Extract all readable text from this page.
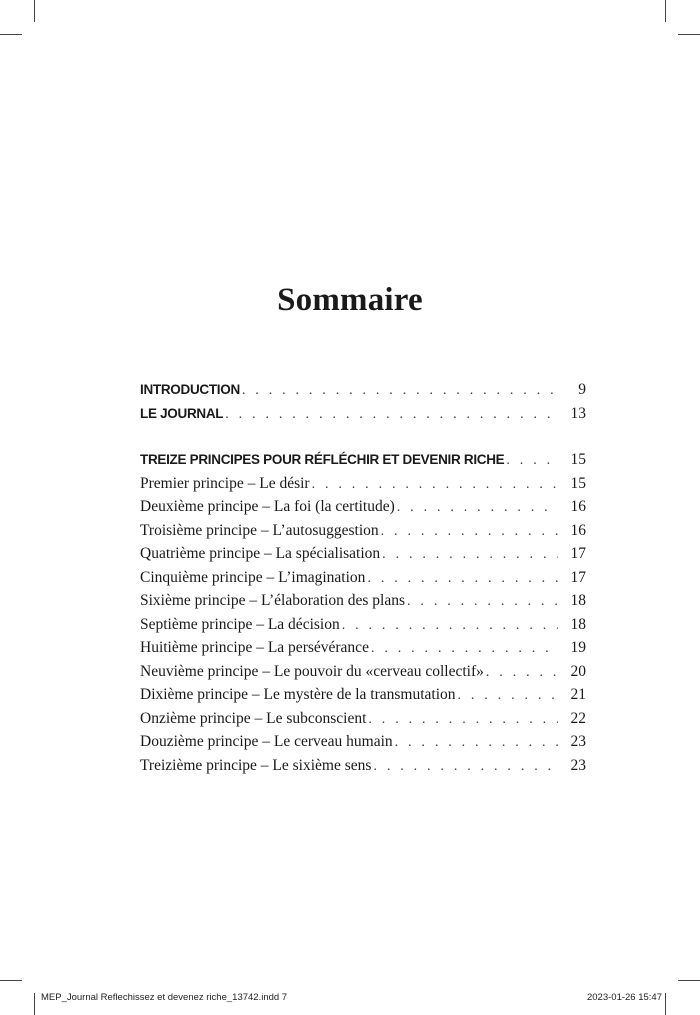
Sommaire
INTRODUCTION . . .	9
LE JOURNAL . . .	13
TREIZE PRINCIPES POUR RÉFLÉCHIR ET DEVENIR RICHE . . .	15
Premier principe – Le désir . . .	15
Deuxième principe – La foi (la certitude) . . .	16
Troisième principe – L’autosuggestion . . .	16
Quatrième principe – La spécialisation . . .	17
Cinquième principe – L’imagination . . .	17
Sixième principe – L’élaboration des plans . . .	18
Septième principe – La décision . . .	18
Huitième principe – La persévérance . . .	19
Neuvième principe – Le pouvoir du «cerveau collectif» . . .	20
Dixième principe – Le mystère de la transmutation . . .	21
Onzième principe – Le subconscient . . .	22
Douzième principe – Le cerveau humain . . .	23
Treizième principe – Le sixième sens . . .	23
MEP_Journal Reflechissez et devenez riche_13742.indd 7	2023-01-26 15:47
